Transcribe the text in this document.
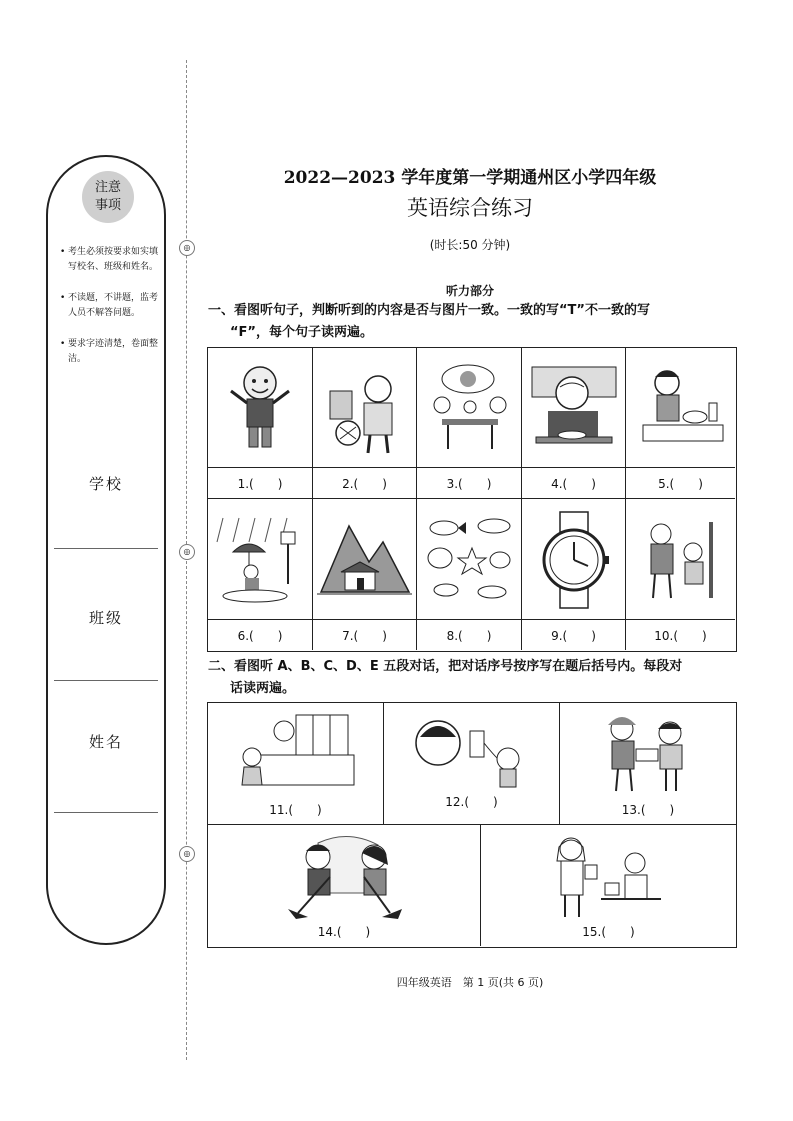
注意
事项
• 考生必须按要求如实填写校名、班级和姓名。
• 不读题，不讲题，监考人员不解答问题。
• 要求字迹清楚，卷面整洁。
学校
班级
姓名
◎
◎
◎
2022—2023 学年度第一学期通州区小学四年级
英语综合练习
(时长:50 分钟)
听力部分
一、看图听句子，判断听到的内容是否与图片一致。一致的写“T”不一致的写
“F”，每个句子读两遍。
1.(　　)	2.(　　)	3.(　　)	4.(　　)	5.(　　)
6.(　　)	7.(　　)	8.(　　)	9.(　　)	10.(　　)
二、看图听 A、B、C、D、E 五段对话，把对话序号按序写在题后括号内。每段对
话读两遍。
11.(　　)
12.(　　)
13.(　　)
14.(　　)	15.(　　)
四年级英语　第 1 页(共 6 页)
